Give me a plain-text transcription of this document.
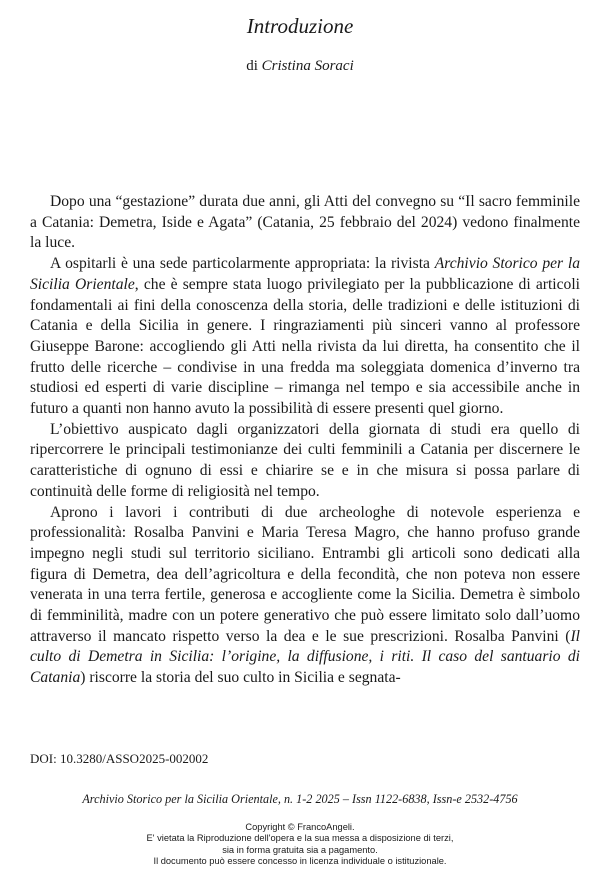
Introduzione
di Cristina Soraci

Dopo una “gestazione” durata due anni, gli Atti del convegno su “Il sacro femminile a Catania: Demetra, Iside e Agata” (Catania, 25 febbraio del 2024) vedono finalmente la luce.

A ospitarli è una sede particolarmente appropriata: la rivista Archivio Storico per la Sicilia Orientale, che è sempre stata luogo privilegiato per la pubblicazione di articoli fondamentali ai fini della conoscenza della storia, delle tradizioni e delle istituzioni di Catania e della Sicilia in genere. I ringraziamenti più sinceri vanno al professore Giuseppe Barone: accogliendo gli Atti nella rivista da lui diretta, ha consentito che il frutto delle ricerche – condivise in una fredda ma soleggiata domenica d’inverno tra studiosi ed esperti di varie discipline – rimanga nel tempo e sia accessibile anche in futuro a quanti non hanno avuto la possibilità di essere presenti quel giorno.

L’obiettivo auspicato dagli organizzatori della giornata di studi era quello di ripercorrere le principali testimonianze dei culti femminili a Catania per discernere le caratteristiche di ognuno di essi e chiarire se e in che misura si possa parlare di continuità delle forme di religiosità nel tempo.

Aprono i lavori i contributi di due archeologhe di notevole esperienza e professionalità: Rosalba Panvini e Maria Teresa Magro, che hanno profuso grande impegno negli studi sul territorio siciliano. Entrambi gli articoli sono dedicati alla figura di Demetra, dea dell’agricoltura e della fecondità, che non poteva non essere venerata in una terra fertile, generosa e accogliente come la Sicilia. Demetra è simbolo di femminilità, madre con un potere generativo che può essere limitato solo dall’uomo attraverso il mancato rispetto verso la dea e le sue prescrizioni. Rosalba Panvini (Il culto di Demetra in Sicilia: l’origine, la diffusione, i riti. Il caso del santuario di Catania) riscorre la storia del suo culto in Sicilia e segnata-

DOI: 10.3280/ASSO2025-002002
Archivio Storico per la Sicilia Orientale, n. 1-2 2025 – Issn 1122-6838, Issn-e 2532-4756
Copyright © FrancoAngeli.
E' vietata la Riproduzione dell'opera e la sua messa a disposizione di terzi,
sia in forma gratuita sia a pagamento.
Il documento può essere concesso in licenza individuale o istituzionale.
